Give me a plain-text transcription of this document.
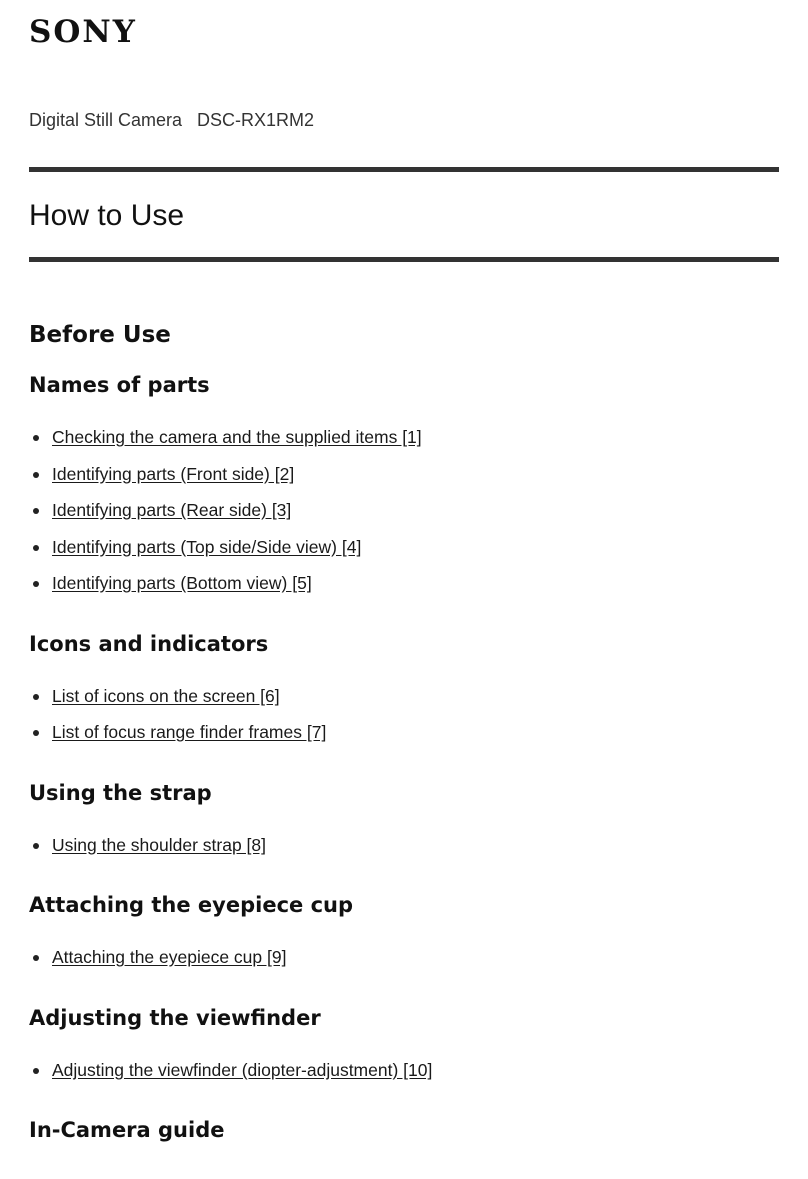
SONY
Digital Still Camera   DSC-RX1RM2
How to Use
Before Use
Names of parts
Checking the camera and the supplied items [1]
Identifying parts (Front side) [2]
Identifying parts (Rear side) [3]
Identifying parts (Top side/Side view) [4]
Identifying parts (Bottom view) [5]
Icons and indicators
List of icons on the screen [6]
List of focus range finder frames [7]
Using the strap
Using the shoulder strap [8]
Attaching the eyepiece cup
Attaching the eyepiece cup [9]
Adjusting the viewfinder
Adjusting the viewfinder (diopter-adjustment) [10]
In-Camera guide
